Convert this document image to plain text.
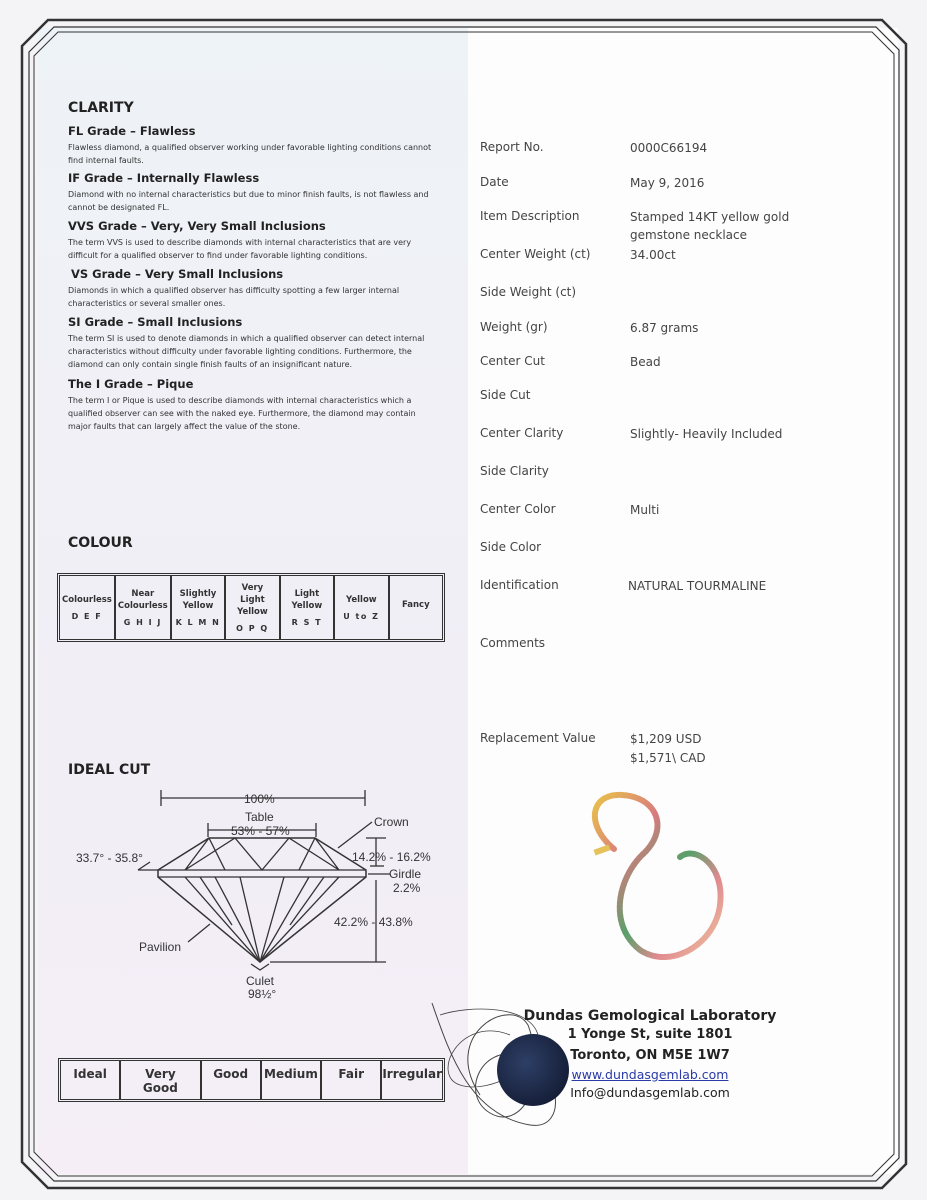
CLARITY
FL Grade – Flawless
Flawless diamond, a qualified observer working under favorable lighting conditions cannot find internal faults.
IF Grade – Internally Flawless
Diamond with no internal characteristics but due to minor finish faults, is not flawless and cannot be designated FL.
VVS Grade – Very, Very Small Inclusions
The term VVS is used to describe diamonds with internal characteristics that are very difficult for a qualified observer to find under favorable lighting conditions.
VS Grade – Very Small Inclusions
Diamonds in which a qualified observer has difficulty spotting a few larger internal characteristics or several smaller ones.
SI Grade – Small Inclusions
The term SI is used to denote diamonds in which a qualified observer can detect internal characteristics without difficulty under favorable lighting conditions. Furthermore, the diamond can only contain single finish faults of an insignificant nature.
The I Grade – Pique
The term I or Pique is used to describe diamonds with internal characteristics which a qualified observer can see with the naked eye. Furthermore, the diamond may contain major faults that can largely affect the value of the stone.
COLOUR
Colourless
D E F
Near Colourless
G H I J
Slightly Yellow
K L M N
Very Light Yellow
O P Q
Light Yellow
R S T
Yellow
U to Z
Fancy
IDEAL CUT
100%
Table
53% - 57%
Crown
33.7° - 35.8°	14.2% - 16.2%
Girdle
2.2%
42.2% - 43.8%
Pavilion
Culet
98½°
Ideal	Very Good
Good	Medium	Fair	Irregular
Report No.	0000C66194
Date	May 9, 2016
Item Description	Stamped 14KT yellow gold gemstone necklace
Center Weight (ct)	34.00ct
Side Weight (ct)
Weight (gr)	6.87 grams
Center Cut	Bead
Side Cut
Center Clarity	Slightly- Heavily Included
Side Clarity
Center Color	Multi
Side Color
Identification	NATURAL TOURMALINE
Comments
Replacement Value	$1,209 USD
$1,571\ CAD
Dundas Gemological Laboratory
1 Yonge St, suite 1801
Toronto, ON M5E 1W7
www.dundasgemlab.com
Info@dundasgemlab.com
